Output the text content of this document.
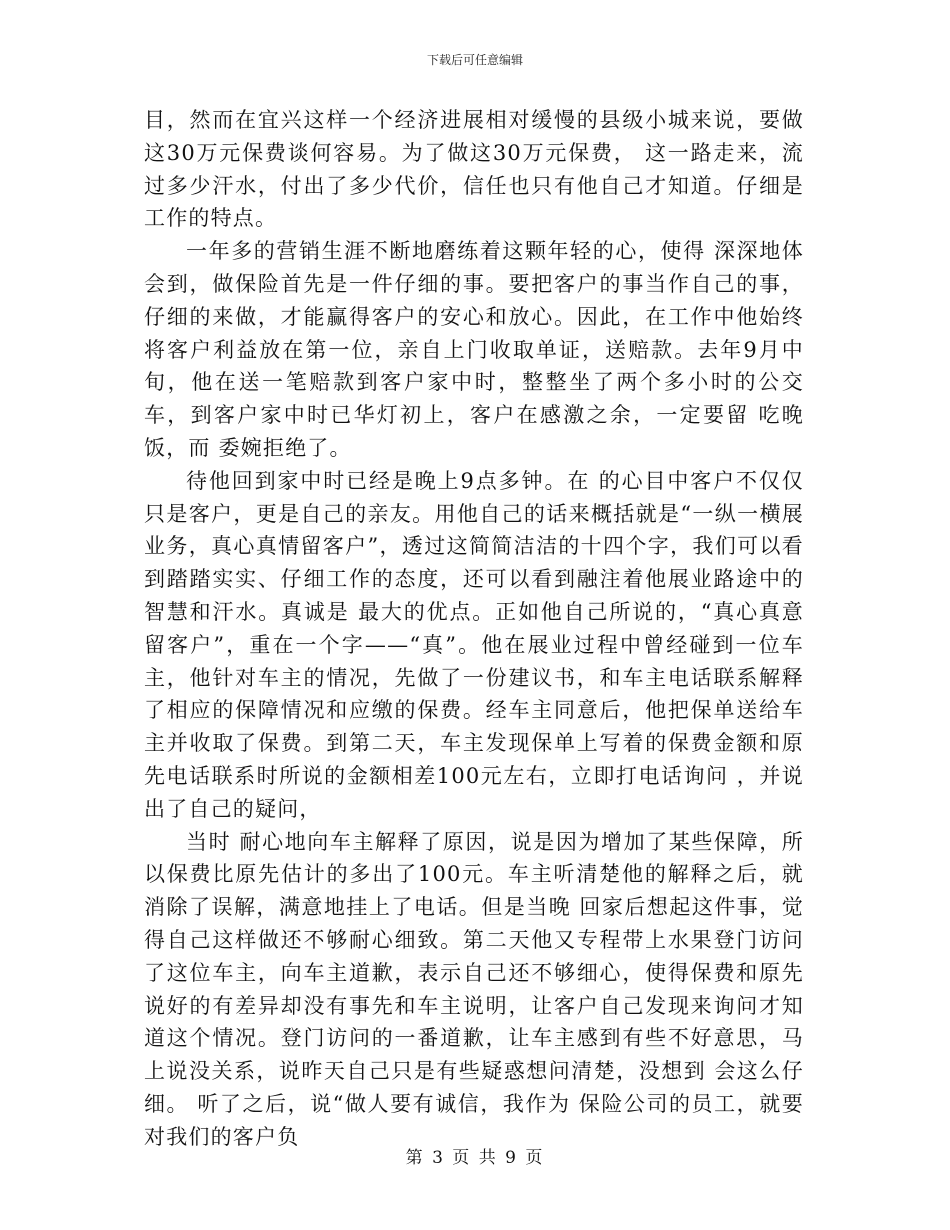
下载后可任意编辑

目，然而在宜兴这样一个经济进展相对缓慢的县级小城来说，要做这30万元保费谈何容易。为了做这30万元保费， 这一路走来，流过多少汗水，付出了多少代价，信任也只有他自己才知道。仔细是 工作的特点。

一年多的营销生涯不断地磨练着这颗年轻的心，使得 深深地体会到，做保险首先是一件仔细的事。要把客户的事当作自己的事，仔细的来做，才能赢得客户的安心和放心。因此，在工作中他始终将客户利益放在第一位，亲自上门收取单证，送赔款。去年9月中旬，他在送一笔赔款到客户家中时，整整坐了两个多小时的公交车，到客户家中时已华灯初上，客户在感激之余，一定要留 吃晚饭，而 委婉拒绝了。

待他回到家中时已经是晚上9点多钟。在 的心目中客户不仅仅只是客户，更是自己的亲友。用他自己的话来概括就是“一纵一横展业务，真心真情留客户”，透过这简简洁洁的十四个字，我们可以看到踏踏实实、仔细工作的态度，还可以看到融注着他展业路途中的智慧和汗水。真诚是 最大的优点。正如他自己所说的，“真心真意留客户”，重在一个字——“真”。他在展业过程中曾经碰到一位车主，他针对车主的情况，先做了一份建议书，和车主电话联系解释了相应的保障情况和应缴的保费。经车主同意后，他把保单送给车主并收取了保费。到第二天，车主发现保单上写着的保费金额和原先电话联系时所说的金额相差100元左右，立即打电话询问 ，并说出了自己的疑问，

当时 耐心地向车主解释了原因，说是因为增加了某些保障，所以保费比原先估计的多出了100元。车主听清楚他的解释之后，就消除了误解，满意地挂上了电话。但是当晚 回家后想起这件事，觉得自己这样做还不够耐心细致。第二天他又专程带上水果登门访问了这位车主，向车主道歉，表示自己还不够细心，使得保费和原先说好的有差异却没有事先和车主说明，让客户自己发现来询问才知道这个情况。登门访问的一番道歉，让车主感到有些不好意思，马上说没关系，说昨天自己只是有些疑惑想问清楚，没想到 会这么仔细。 听了之后，说“做人要有诚信，我作为 保险公司的员工，就要对我们的客户负

第 3 页 共 9 页
